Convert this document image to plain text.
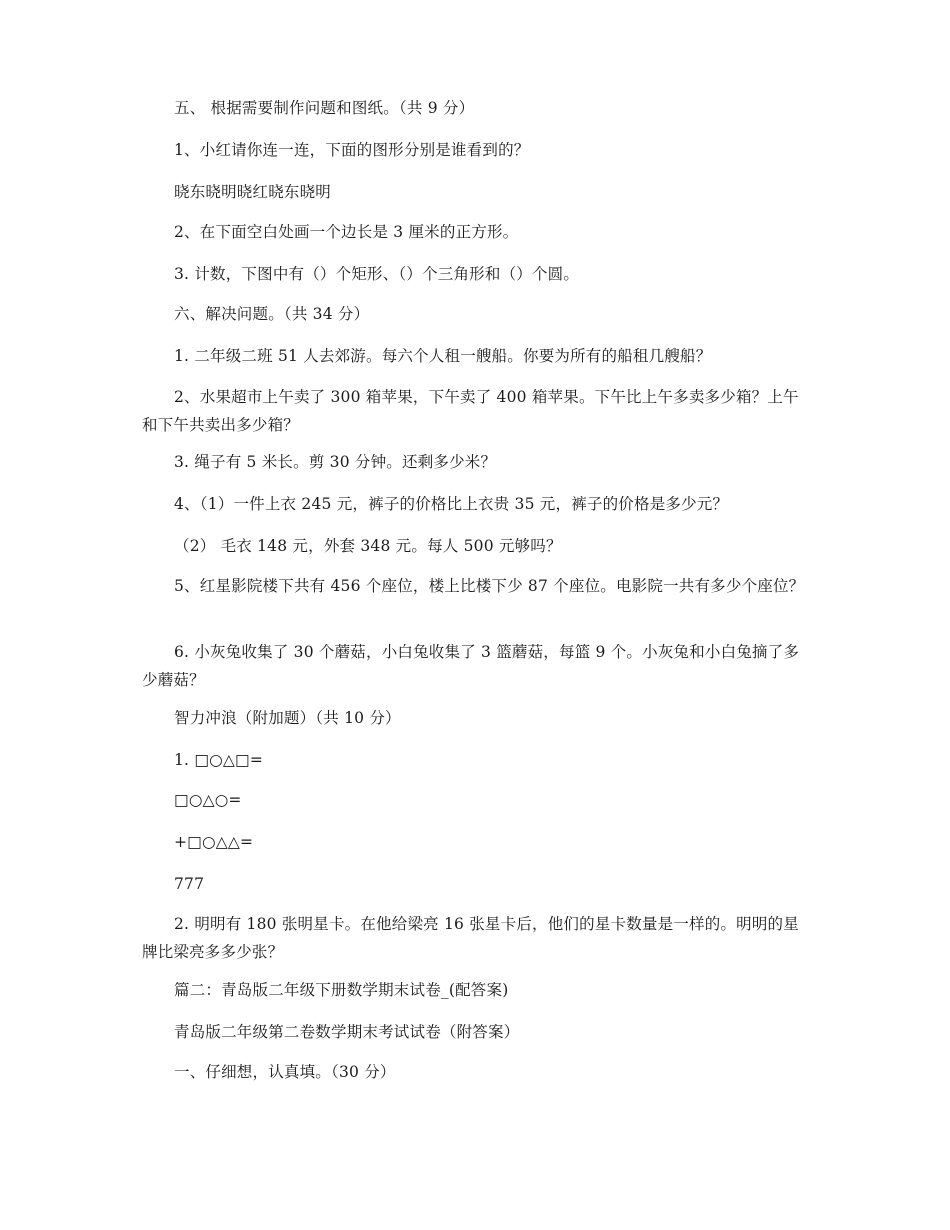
五、 根据需要制作问题和图纸。（共 9 分）
1、小红请你连一连，下面的图形分别是谁看到的？
晓东晓明晓红晓东晓明
2、在下面空白处画一个边长是 3 厘米的正方形。
3. 计数，下图中有（）个矩形、（）个三角形和（）个圆。
六、解决问题。（共 34 分）
1. 二年级二班 51 人去郊游。每六个人租一艘船。你要为所有的船租几艘船？
2、水果超市上午卖了 300 箱苹果，下午卖了 400 箱苹果。下午比上午多卖多少箱？上午和下午共卖出多少箱？
3. 绳子有 5 米长。剪 30 分钟。还剩多少米？
4、（1）一件上衣 245 元，裤子的价格比上衣贵 35 元，裤子的价格是多少元？
（2） 毛衣 148 元，外套 348 元。每人 500 元够吗？
5、红星影院楼下共有 456 个座位，楼上比楼下少 87 个座位。电影院一共有多少个座位？
6. 小灰兔收集了 30 个蘑菇，小白兔收集了 3 篮蘑菇，每篮 9 个。小灰兔和小白兔摘了多少蘑菇？
智力冲浪（附加题）（共 10 分）
1. □○△□=
□○△○=
+□○△△=
777
2. 明明有 180 张明星卡。在他给梁亮 16 张星卡后，他们的星卡数量是一样的。明明的星牌比梁亮多多少张？
篇二：青岛版二年级下册数学期末试卷_(配答案)
青岛版二年级第二卷数学期末考试试卷（附答案）
一、仔细想，认真填。（30 分）
